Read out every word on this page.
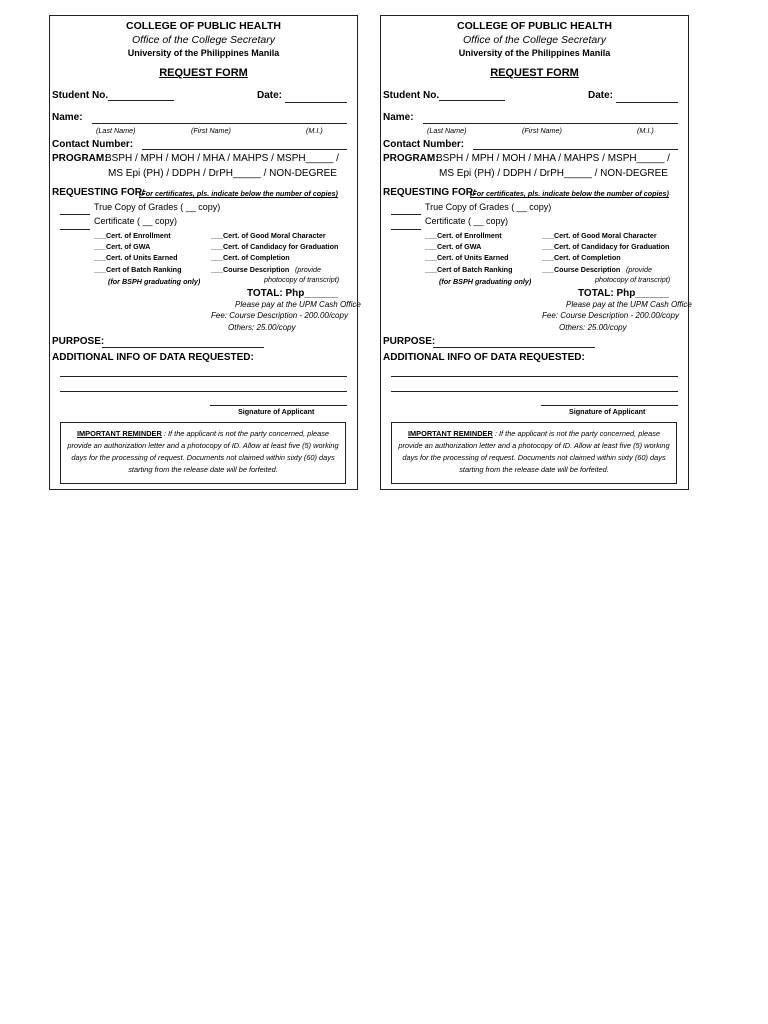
COLLEGE OF PUBLIC HEALTH
Office of the College Secretary
University of the Philippines Manila
REQUEST FORM
Student No.	Date:
Name:
(Last Name)	(First Name)	(M.I.)
Contact Number:
PROGRAM:
BSPH / MPH / MOH / MHA / MAHPS / MSPH_____ /
MS Epi (PH) / DDPH / DrPH_____ / NON-DEGREE
REQUESTING FOR:
(For certificates, pls. indicate below the number of copies)
True Copy of Grades ( __ copy)
Certificate ( __ copy)
___Cert. of Enrollment
___Cert. of GWA
___Cert. of Units Earned
___Cert of Batch Ranking
(for BSPH graduating only)
___Cert. of Good Moral Character
___Cert. of Candidacy for Graduation
___Cert. of Completion
___Course Description (provide
photocopy of transcript)
TOTAL: Php______
Please pay at the UPM Cash Office
Fee: Course Description - 200.00/copy
Others: 25.00/copy
PURPOSE:
ADDITIONAL INFO OF DATA REQUESTED:
Signature of Applicant
IMPORTANT REMINDER : If the applicant is not the party concerned, please provide an authorization letter and a photocopy of ID. Allow at least five (5) working days for the processing of request. Documents not claimed within sixty (60) days starting from the release date will be forfeited.
COLLEGE OF PUBLIC HEALTH
Office of the College Secretary
University of the Philippines Manila
REQUEST FORM
Student No.	Date:
Name:
(Last Name)	(First Name)	(M.I.)
Contact Number:
PROGRAM:
BSPH / MPH / MOH / MHA / MAHPS / MSPH_____ /
MS Epi (PH) / DDPH / DrPH_____ / NON-DEGREE
REQUESTING FOR:
(For certificates, pls. indicate below the number of copies)
True Copy of Grades ( __ copy)
Certificate ( __ copy)
___Cert. of Enrollment
___Cert. of GWA
___Cert. of Units Earned
___Cert of Batch Ranking
(for BSPH graduating only)
___Cert. of Good Moral Character
___Cert. of Candidacy for Graduation
___Cert. of Completion
___Course Description (provide
photocopy of transcript)
TOTAL: Php______
Please pay at the UPM Cash Office
Fee: Course Description - 200.00/copy
Others: 25.00/copy
PURPOSE:
ADDITIONAL INFO OF DATA REQUESTED:
Signature of Applicant
IMPORTANT REMINDER : If the applicant is not the party concerned, please provide an authorization letter and a photocopy of ID. Allow at least five (5) working days for the processing of request. Documents not claimed within sixty (60) days starting from the release date will be forfeited.
